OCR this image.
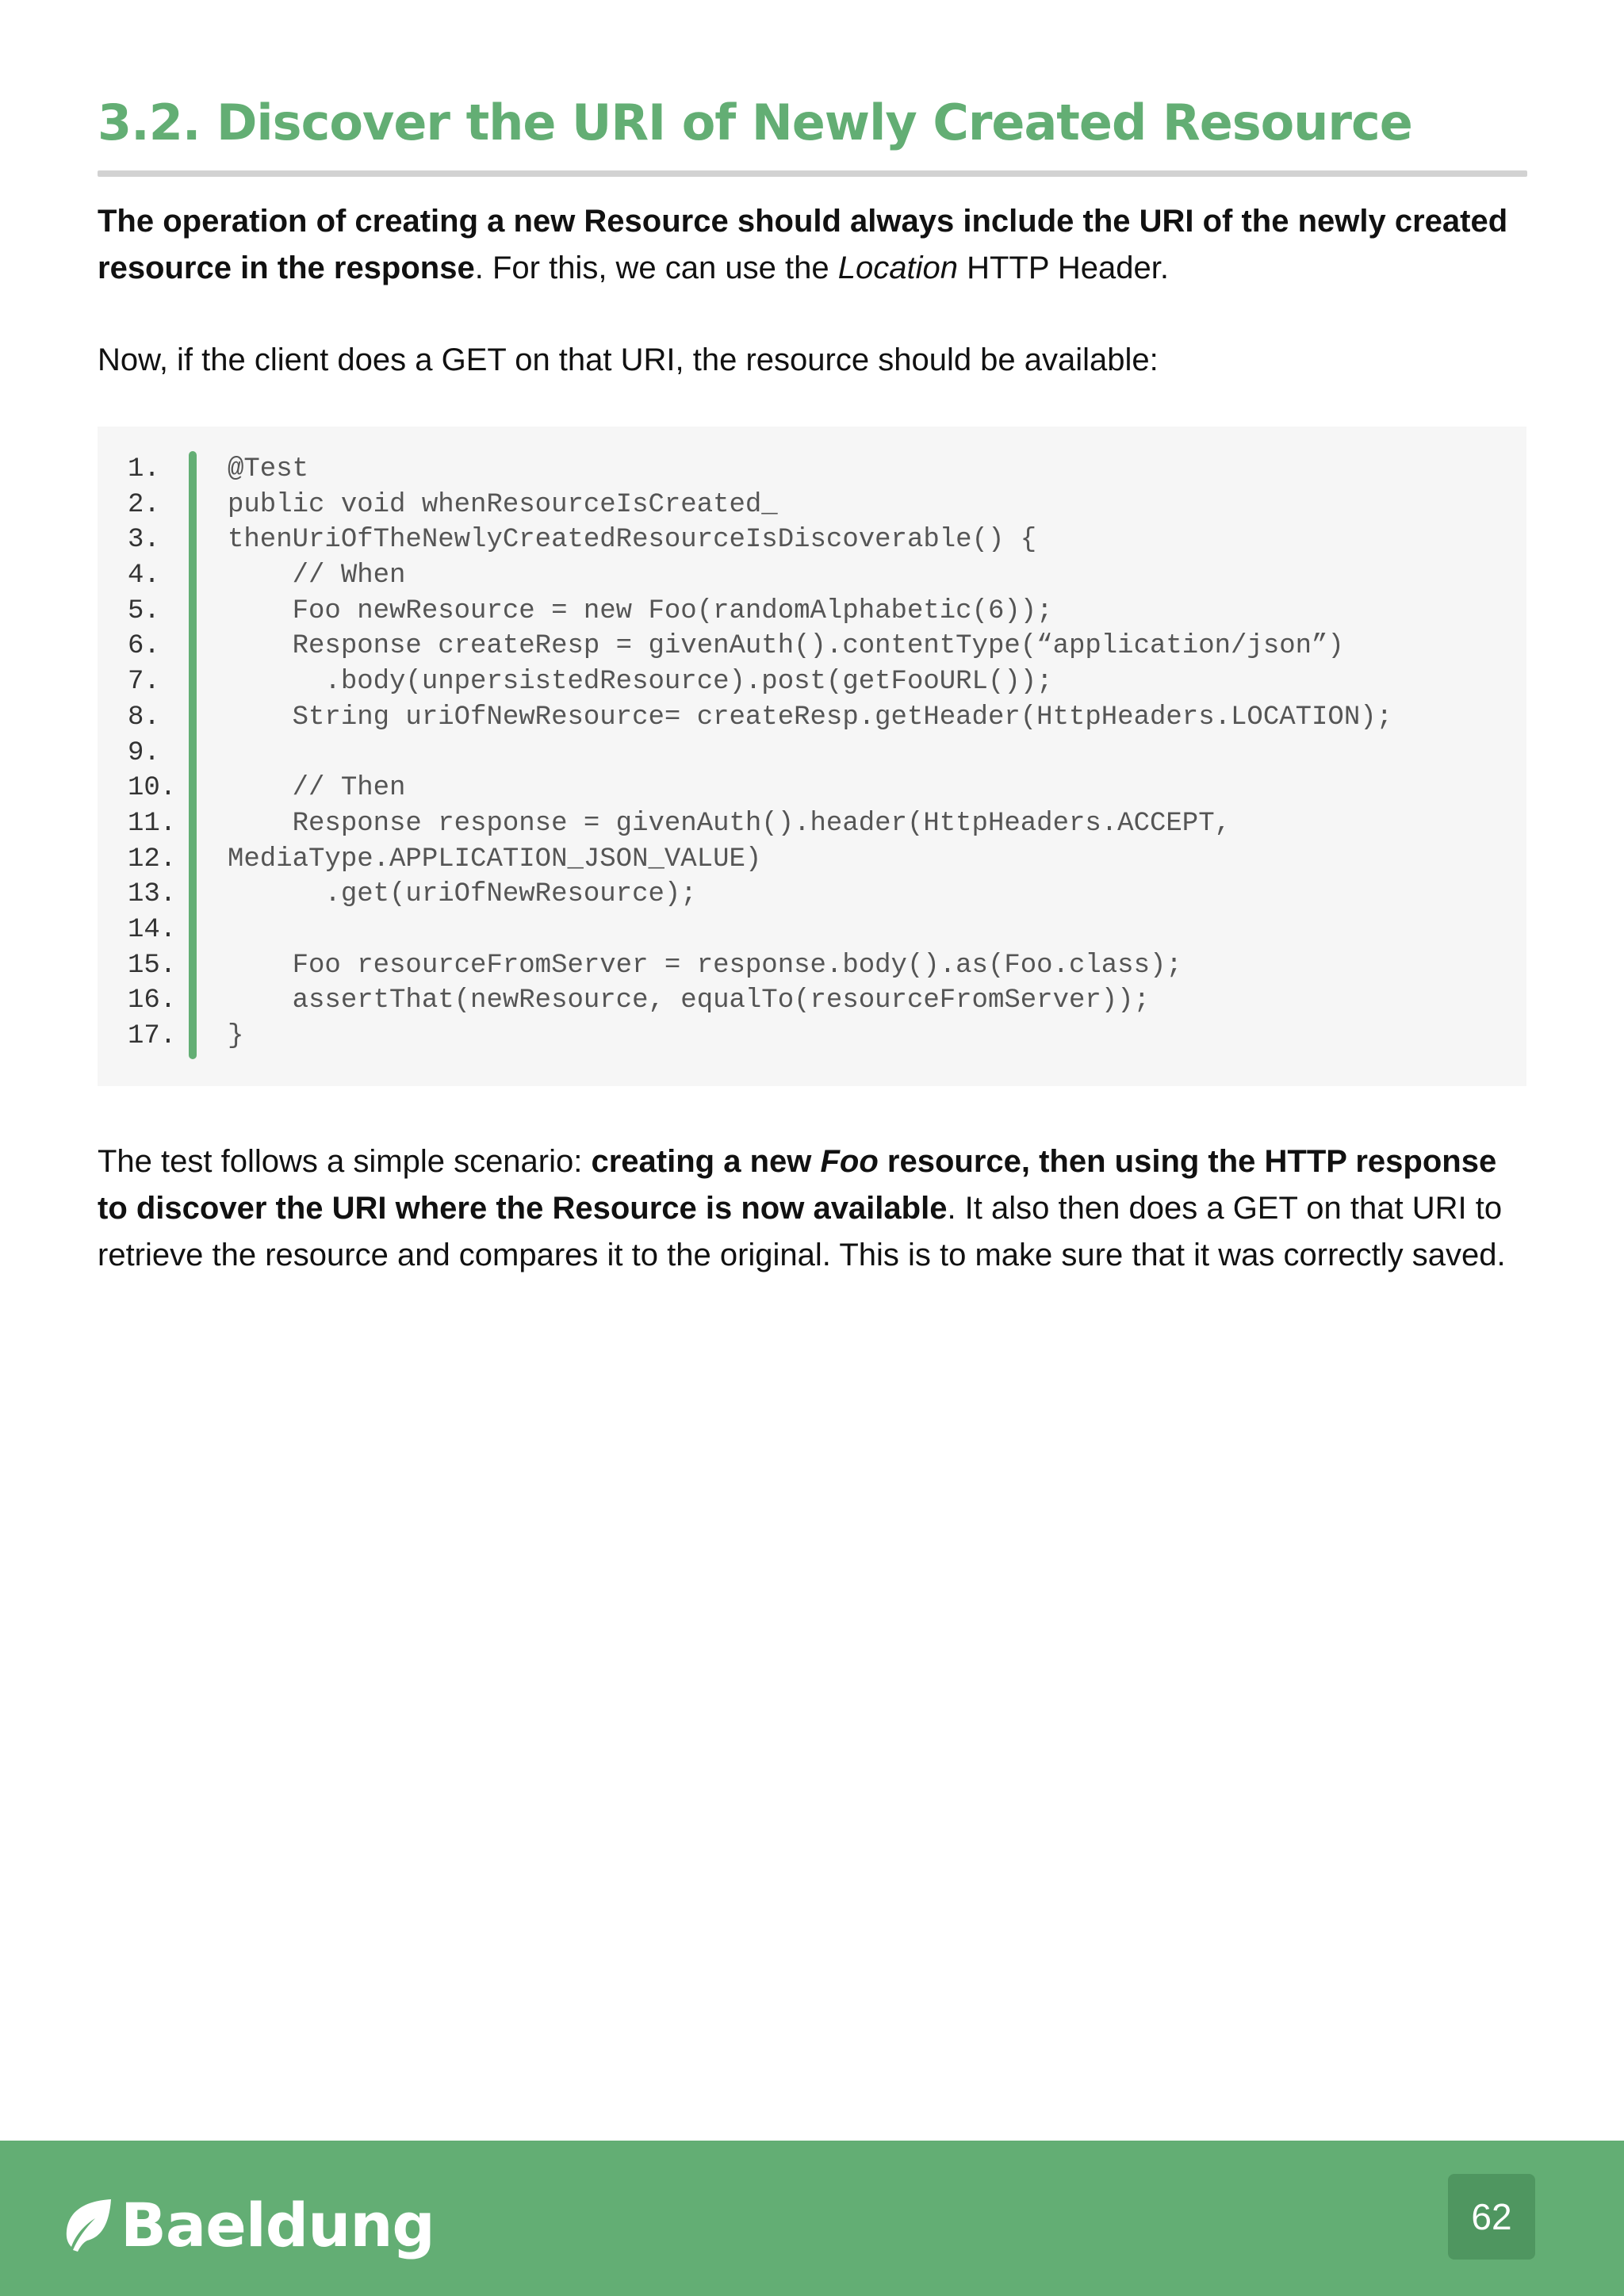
3.2. Discover the URI of Newly Created Resource

The operation of creating a new Resource should always include the URI of the newly created resource in the response. For this, we can use the Location HTTP Header.

Now, if the client does a GET on that URI, the resource should be available:

1.	@Test
2.	public void whenResourceIsCreated_
3.	thenUriOfTheNewlyCreatedResourceIsDiscoverable() {
4.	// When
5.	Foo newResource = new Foo(randomAlphabetic(6));
6.	Response createResp = givenAuth().contentType(“application/json”)
7.	.body(unpersistedResource).post(getFooURL());
8.	String uriOfNewResource= createResp.getHeader(HttpHeaders.LOCATION);
9.
10.	// Then
11.	Response response = givenAuth().header(HttpHeaders.ACCEPT,
12.	MediaType.APPLICATION_JSON_VALUE)
13.	.get(uriOfNewResource);
14.
15.	Foo resourceFromServer = response.body().as(Foo.class);
16.	assertThat(newResource, equalTo(resourceFromServer));
17.	}

The test follows a simple scenario: creating a new Foo resource, then using the HTTP response to discover the URI where the Resource is now available. It also then does a GET on that URI to retrieve the resource and compares it to the original. This is to make sure that it was correctly saved.

Baeldung	62
